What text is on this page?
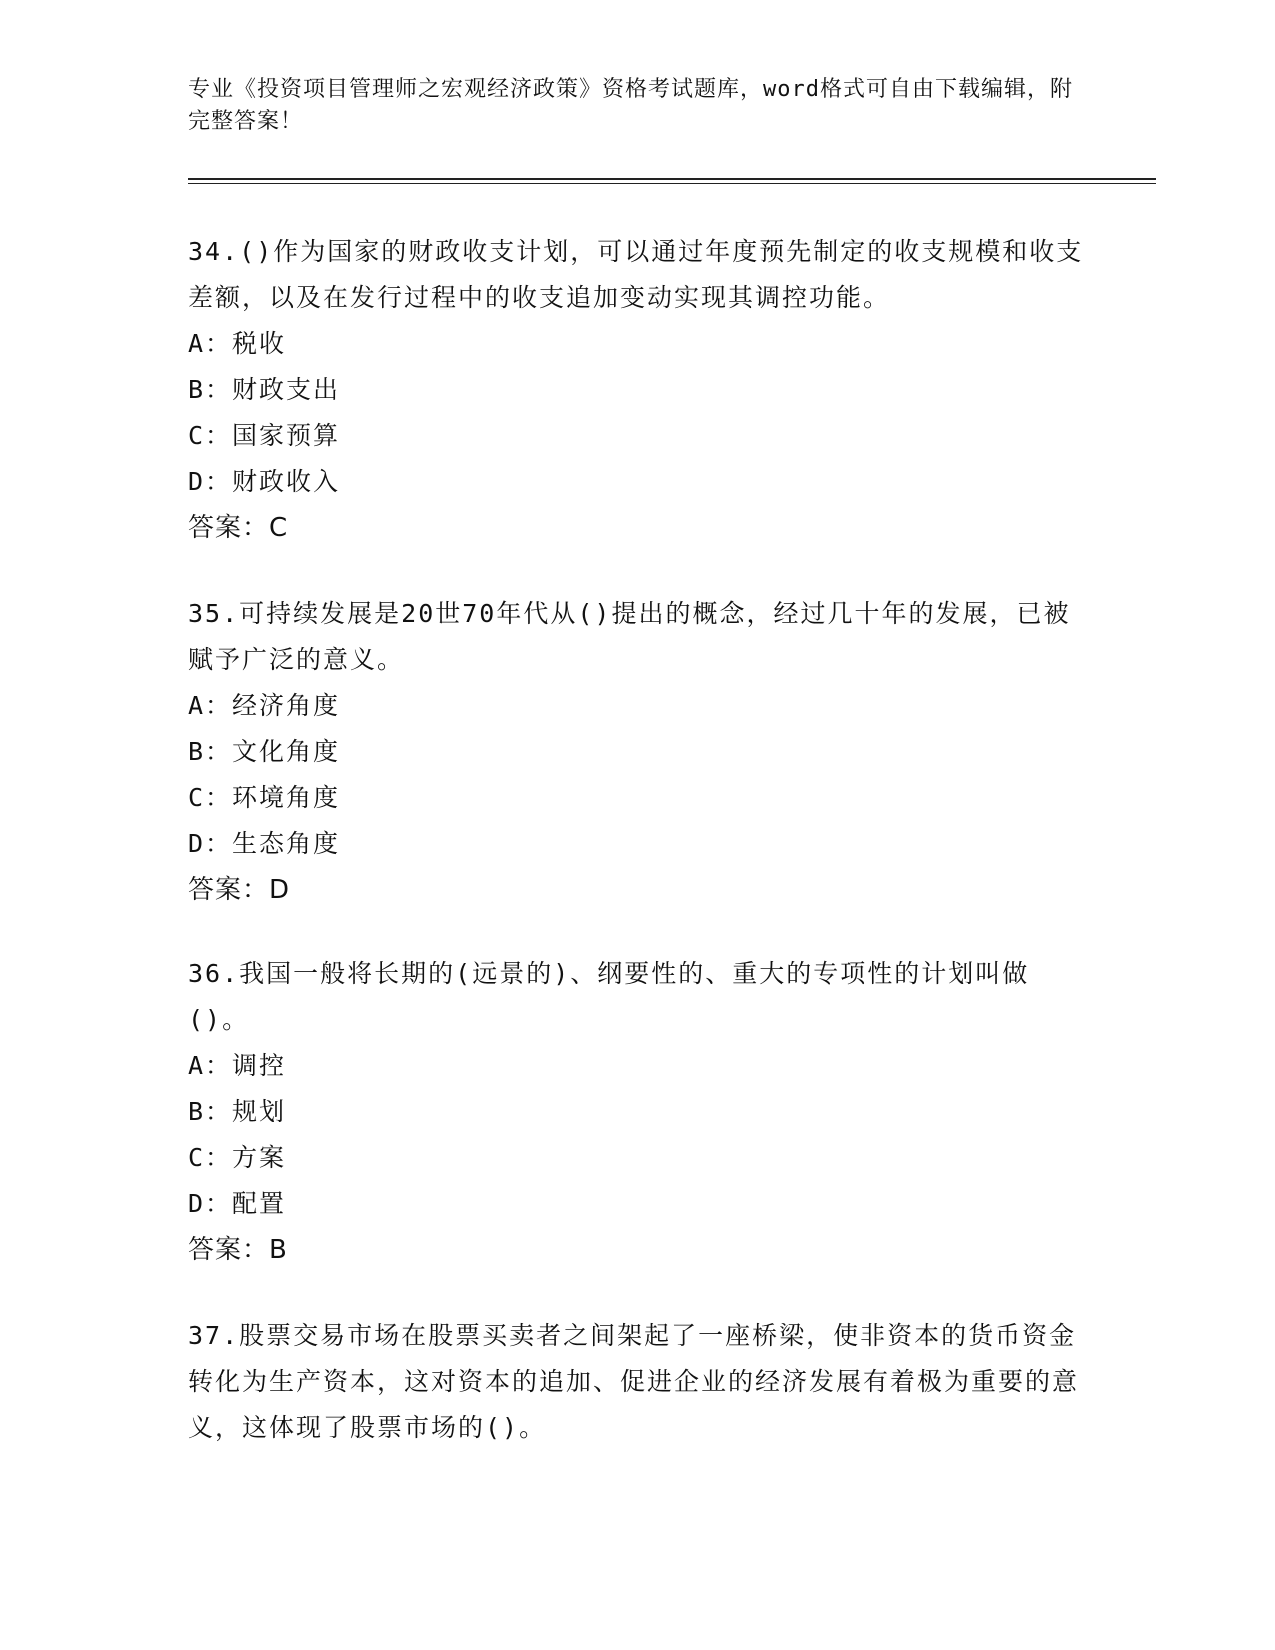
专业《投资项目管理师之宏观经济政策》资格考试题库，word格式可自由下载编辑，附完整答案！
34.()作为国家的财政收支计划，可以通过年度预先制定的收支规模和收支差额，以及在发行过程中的收支追加变动实现其调控功能。
A：税收
B：财政支出
C：国家预算
D：财政收入
答案：C
35.可持续发展是20世70年代从()提出的概念，经过几十年的发展，已被赋予广泛的意义。
A：经济角度
B：文化角度
C：环境角度
D：生态角度
答案：D
36.我国一般将长期的(远景的)、纲要性的、重大的专项性的计划叫做()。
A：调控
B：规划
C：方案
D：配置
答案：B
37.股票交易市场在股票买卖者之间架起了一座桥梁，使非资本的货币资金转化为生产资本，这对资本的追加、促进企业的经济发展有着极为重要的意义，这体现了股票市场的()。
